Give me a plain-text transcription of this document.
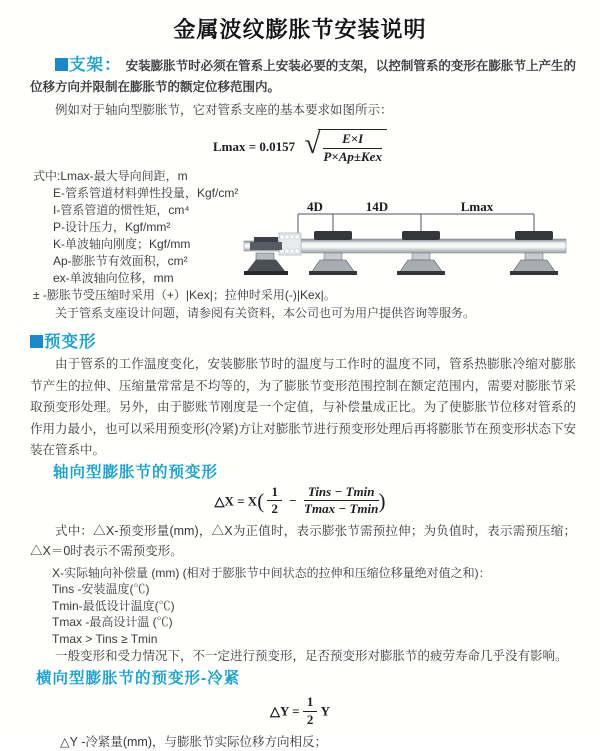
金属波纹膨胀节安装说明

支架： 安装膨胀节时必须在管系上安装必要的支架，以控制管系的变形在膨胀节上产生的位移方向并限制在膨胀节的额定位移范围内。

例如对于轴向型膨胀节，它对管系支座的基本要求如图所示：

Lmax = 0.0157 √ $\frac{E\times I}{\text{P×Ap±Kex}}$
式中:Lmax-最大导向间距，m
E-管系管道材料弹性投量，Kgf/cm²
I-管系管道的惯性矩，cm⁴
P-设计压力，Kgf/mm²
K-单波轴向刚度；Kgf/mm
Ap-膨胀节有效面积，cm²
ex-单波轴向位移，mm
± -膨胀节受压缩时采用（+）|Kex|；拉伸时采用(-)|Kex|。
4D	14D	Lmax

关于管系支座设计问题，请参阅有关资料，本公司也可为用户提供咨询等服务。

预变形

由于管系的工作温度变化，安装膨胀节时的温度与工作时的温度不同，管系热膨胀冷缩对膨胀节产生的拉伸、压缩量常常是不均等的，为了膨胀节变形范围控制在额定范围内，需要对膨胀节采取预变形处理。另外，由于膨账节刚度是一个定值，与补偿量成正比。为了使膨胀节位移对管系的作用力最小，也可以采用预变形(冷紧)方让对膨胀节进行预变形处理后再将膨胀节在预变形状态下安装在管系中。

轴向型膨胀节的预变形
△X = $X( \frac{1}{2} - \frac{\text{Tins − Tmin}}{Tmax - Tmin}$ )

式中：△X-预变形量(mm)，△X为正值时，表示膨张节需预拉伸；为负值时，表示需预压缩；△X＝0时表示不需预变形。

X-实际轴向补偿量 (mm) (相对于膨胀节中间状态的拉伸和压缩位移量绝对值之和)：
Tins -安装温度(℃)
Tmin-最低设计温度(℃)
Tmax -最高设计温 (℃)
Tmax > Tins ≥ Tmin

一般变形和受力情况下，不一定进行预变形，足否预变形对膨胀节的疲劳寿命几乎没有影响。

横向型膨胀节的预变形-冷紧
△Y = $\frac{1}{2}$ Y

△Y -冷紧量(mm)，与膨胀节实际位移方向相反；
